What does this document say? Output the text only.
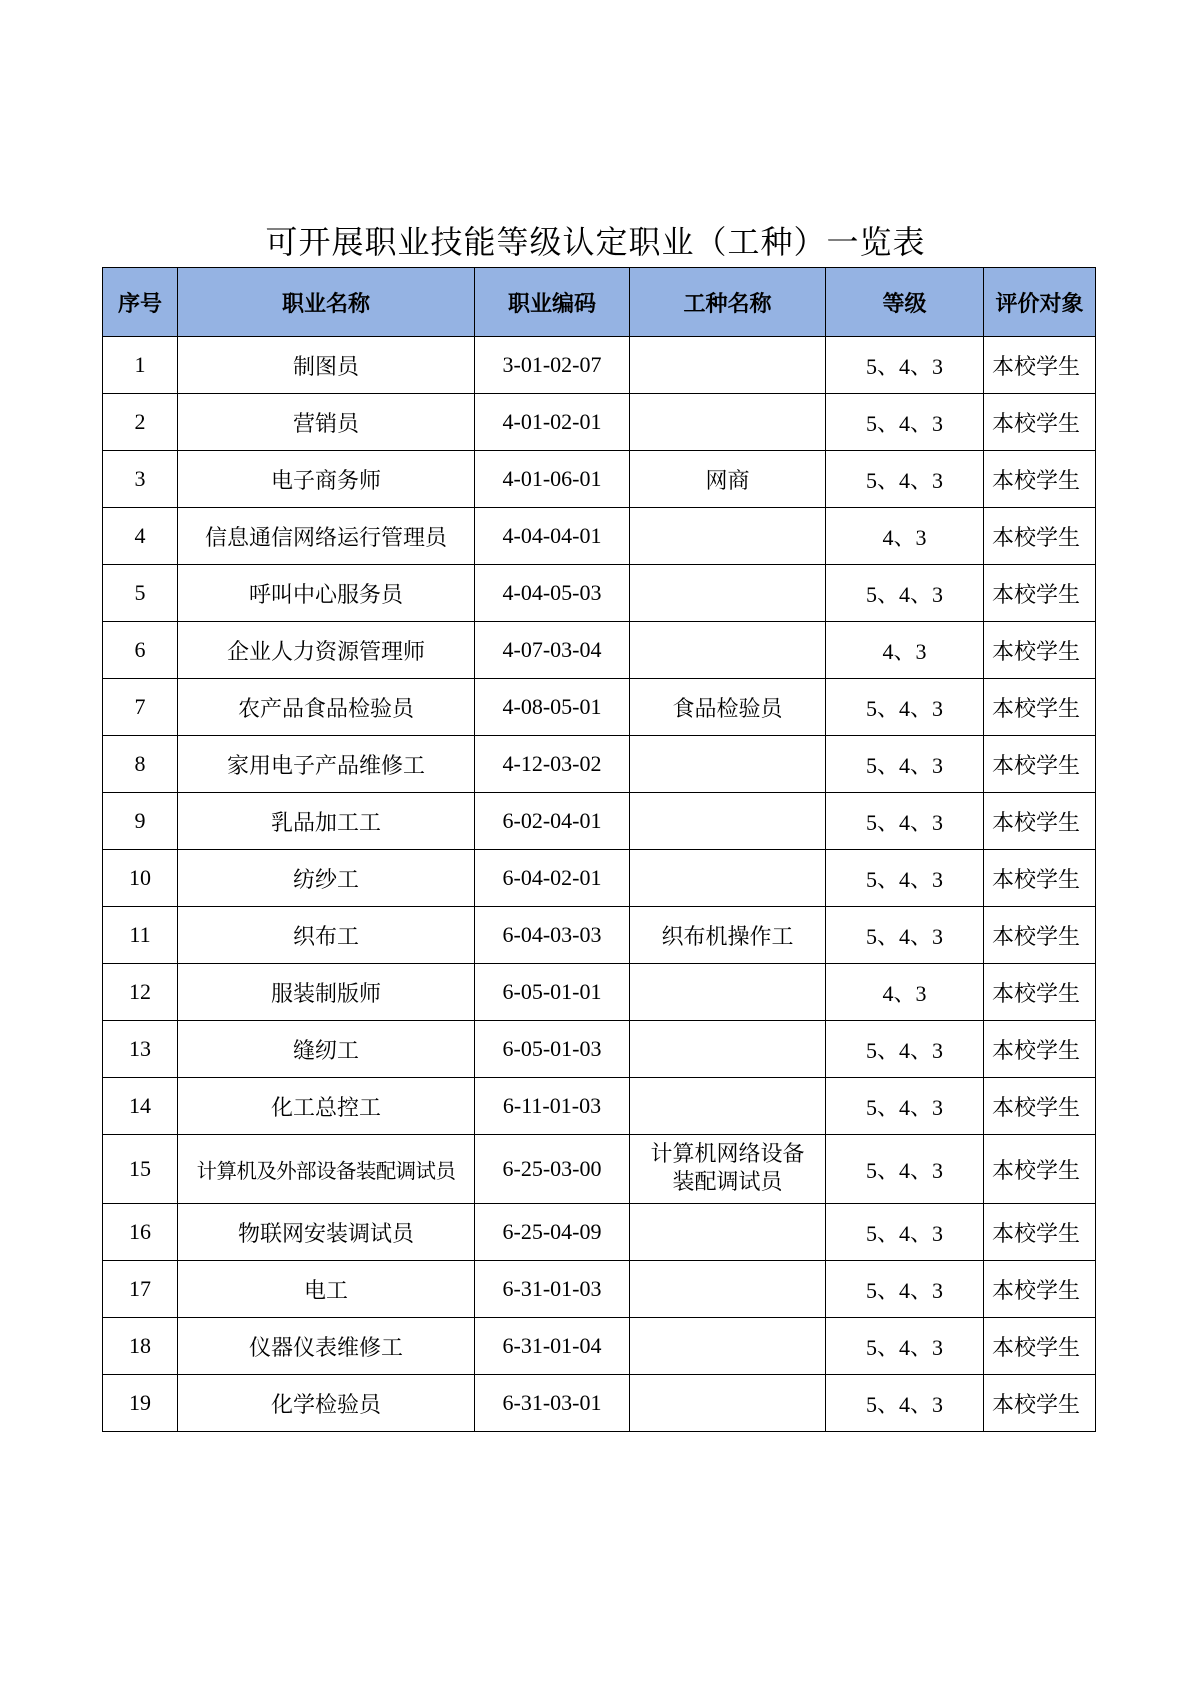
可开展职业技能等级认定职业（工种）一览表
序号	职业名称	职业编码	工种名称	等级	评价对象
1	制图员	3-01-02-07		5、4、3	本校学生
2	营销员	4-01-02-01		5、4、3	本校学生
3	电子商务师	4-01-06-01	网商	5、4、3	本校学生
4	信息通信网络运行管理员	4-04-04-01		4、3	本校学生
5	呼叫中心服务员	4-04-05-03		5、4、3	本校学生
6	企业人力资源管理师	4-07-03-04		4、3	本校学生
7	农产品食品检验员	4-08-05-01	食品检验员	5、4、3	本校学生
8	家用电子产品维修工	4-12-03-02		5、4、3	本校学生
9	乳品加工工	6-02-04-01		5、4、3	本校学生
10	纺纱工	6-04-02-01		5、4、3	本校学生
11	织布工	6-04-03-03	织布机操作工	5、4、3	本校学生
12	服装制版师	6-05-01-01		4、3	本校学生
13	缝纫工	6-05-01-03		5、4、3	本校学生
14	化工总控工	6-11-01-03		5、4、3	本校学生
15	计算机及外部设备装配调试员	6-25-03-00	计算机网络设备
装配调试员	5、4、3	本校学生
16	物联网安装调试员	6-25-04-09		5、4、3	本校学生
17	电工	6-31-01-03		5、4、3	本校学生
18	仪器仪表维修工	6-31-01-04		5、4、3	本校学生
19	化学检验员	6-31-03-01		5、4、3	本校学生
